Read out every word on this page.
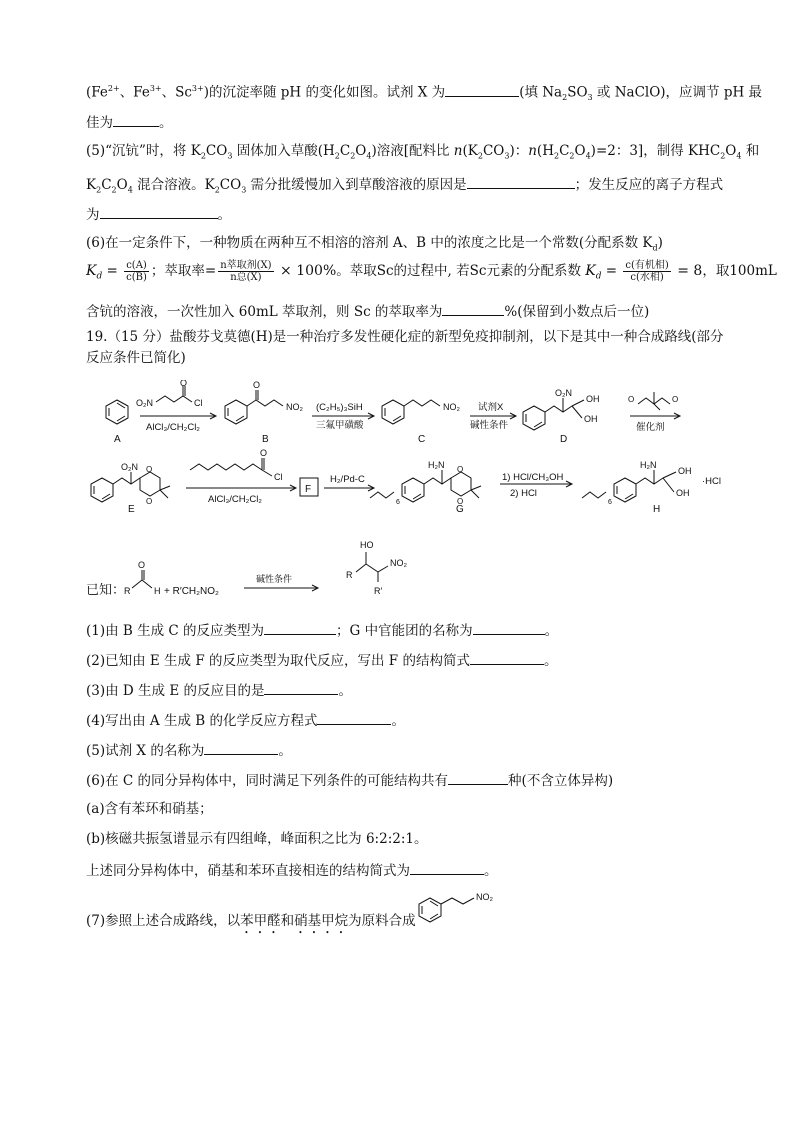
($Fe^{2+}$、$Fe^{3+}$、$Sc^{3+}$)的沉淀率随 pH 的变化如图。试剂 X 为	(填 $Na_2SO_3$ 或 NaClO)，应调节 pH 最
佳为	。
(5)“沉钪”时，将 $K_2CO_3$ 固体加入草酸$(H_2C_2O_4)$溶液[配料比 $n(K_2CO_3)$：$n(H_2C_2O_4)=2$：3]，制得 $KHC_2O_4$ 和
$K_2C_2O_4$ 混合溶液。$K_2CO_3$ 需分批缓慢加入到草酸溶液的原因是	；发生反应的离子方程式
为	。
(6)在一定条件下，一种物质在两种互不相溶的溶剂 A、B 中的浓度之比是一个常数(分配系数 $K_d$)
$K_d = \frac{c(A)}{c(B)}$ ；萃取率= $\frac{\text{n萃取剂(X)}}{\text{n总(X)}} \times 100\%$。萃取Sc的过程中, 若Sc元素的分配系数 $K_d = \frac{\text{c(有机相)}}{\text{c(水相)}} = 8$，取100mL
含钪的溶液，一次性加入 60mL 萃取剂，则 Sc 的萃取率为	%(保留到小数点后一位)
19.（15 分）盐酸芬戈莫德(H)是一种治疗多发性硬化症的新型免疫抑制剂，以下是其中一种合成路线(部分
反应条件已简化)
A	B	C	D
E
F
G	H
O
O₂N	Cl
AlCl₃/CH₂Cl₂
O
NO₂ (C₂H₅)₃SiH
三氟甲磺酸
NO₂ 试剂X
碱性条件
O₂N
OH
OH
O	O
催化剂
O₂N O
O
O
Cl
AlCl₃/CH₂Cl₂
H₂/Pd-C
6
H₂N O
O
1) HCl/CH₃OH
2) HCl
6
H₂N
OH
OH
·HCl
已知：
R
O
H + R′CH₂NO₂
碱性条件
HO
NO₂
R
R′
(1)由 B 生成 C 的反应类型为	；G 中官能团的名称为	。
(2)已知由 E 生成 F 的反应类型为取代反应，写出 F 的结构简式	。
(3)由 D 生成 E 的反应目的是	。
(4)写出由 A 生成 B 的化学反应方程式	。
(5)试剂 X 的名称为	。
(6)在 C 的同分异构体中，同时满足下列条件的可能结构共有	种(不含立体异构)
(a)含有苯环和硝基；
(b)核磁共振氢谱显示有四组峰，峰面积之比为 6:2:2:1。
上述同分异构体中，硝基和苯环直接相连的结构简式为	。
(7)参照上述合成路线，以苯甲醛和硝基甲烷为原料合成
NO₂
